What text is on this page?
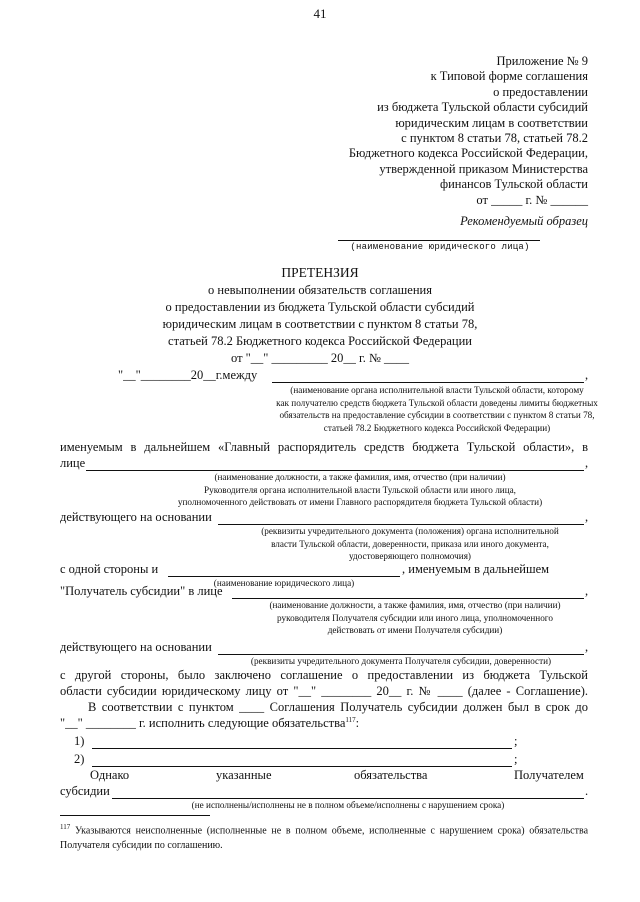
41
Приложение № 9
к Типовой форме соглашения
о предоставлении
из бюджета Тульской области субсидий
юридическим лицам в соответствии
с пунктом 8 статьи 78, статьей 78.2
Бюджетного кодекса Российской Федерации,
утвержденной приказом Министерства
финансов Тульской области
от _____ г. № ______
Рекомендуемый образец
(наименование юридического лица)
ПРЕТЕНЗИЯ
о невыполнении обязательств соглашения
о предоставлении из бюджета Тульской области субсидий
юридическим лицам в соответствии с пунктом 8 статьи 78,
статьей 78.2 Бюджетного кодекса Российской Федерации
от "__" _________ 20__ г. № ____
"__"________20__г.между	,
(наименование органа исполнительной власти Тульской области, которому
как получателю средств бюджета Тульской области доведены лимиты бюджетных
обязательств на предоставление субсидии в соответствии с пунктом 8 статьи 78,
статьей 78.2 Бюджетного кодекса Российской Федерации)
именуемым в дальнейшем «Главный распорядитель средств бюджета Тульской области», в
лице	,
(наименование должности, а также фамилия, имя, отчество (при наличии)
Руководителя органа исполнительной власти Тульской области или иного лица,
уполномоченного действовать от имени Главного распорядителя бюджета Тульской области)
действующего на основании	,
(реквизиты учредительного документа (положения) органа исполнительной
власти Тульской области, доверенности, приказа или иного документа,
удостоверяющего полномочия)
с одной стороны и	, именуемым в дальнейшем
(наименование юридического лица)
"Получатель субсидии" в лице	,
(наименование должности, а также фамилия, имя, отчество (при наличии)
руководителя Получателя субсидии или иного лица, уполномоченного
действовать от имени Получателя субсидии)
действующего на основании	,
(реквизиты учредительного документа Получателя субсидии, доверенности)
с другой стороны, было заключено соглашение о предоставлении из бюджета Тульской
области субсидии юридическому лицу от "__" ________ 20__ г. № ____ (далее - Соглашение).
В соответствии с пунктом ____ Соглашения Получатель субсидии должен был в срок до
"__" ________ г. исполнить следующие обязательства$^{117}$:
1)	;
2)	;
Однако	указанные	обязательства	Получателем
субсидии	.
(не исполнены/исполнены не в полном объеме/исполнены с нарушением срока)
$^{117}$ Указываются неисполненные (исполненные не в полном объеме, исполненные с нарушением срока) обязательства Получателя субсидии по соглашению.
